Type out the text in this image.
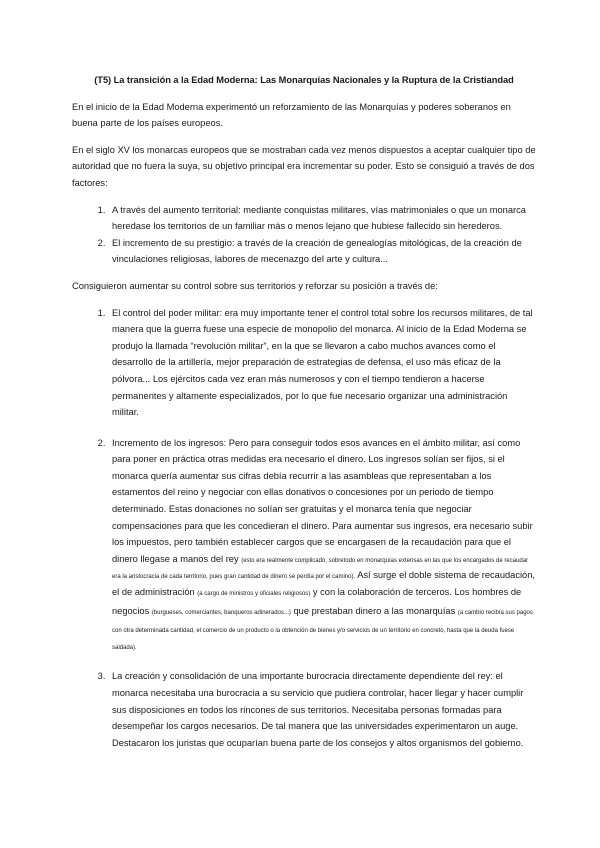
(T5) La transición a la Edad Moderna: Las Monarquías Nacionales y la Ruptura de la Cristiandad

En el inicio de la Edad Moderna experimentó un reforzamiento de las Monarquías y poderes soberanos en buena parte de los países europeos.

En el siglo XV los monarcas europeos que se mostraban cada vez menos dispuestos a aceptar cualquier tipo de autoridad que no fuera la suya, su objetivo principal era incrementar su poder. Esto se consiguió a través de dos factores:

1. A través del aumento territorial: mediante conquistas militares, vías matrimoniales o que un monarca heredase los territorios de un familiar más o menos lejano que hubiese fallecido sin herederos.
2. El incremento de su prestigio: a través de la creación de genealogías mitológicas, de la creación de vinculaciones religiosas, labores de mecenazgo del arte y cultura...

Consiguieron aumentar su control sobre sus territorios y reforzar su posición a través de:

1. El control del poder militar: era muy importante tener el control total sobre los recursos militares, de tal manera que la guerra fuese una especie de monopolio del monarca. Al inicio de la Edad Moderna se produjo la llamada “revolución militar”, en la que se llevaron a cabo muchos avances como el desarrollo de la artillería, mejor preparación de estrategias de defensa, el uso más eficaz de la pólvora... Los ejércitos cada vez eran más numerosos y con el tiempo tendieron a hacerse permanentes y altamente especializados, por lo que fue necesario organizar una administración militar.
2. Incremento de los ingresos: Pero para conseguir todos esos avances en el ámbito militar, así como para poner en práctica otras medidas era necesario el dinero. Los ingresos solían ser fijos, si el monarca quería aumentar sus cifras debía recurrir a las asambleas que representaban a los estamentos del reino y negociar con ellas donativos o concesiones por un periodo de tiempo determinado. Estas donaciones no solían ser gratuitas y el monarca tenía que negociar compensaciones para que les concedieran el dinero. Para aumentar sus ingresos, era necesario subir los impuestos, pero también establecer cargos que se encargasen de la recaudación para que el dinero llegase a manos del rey (esto era realmente complicado, sobretodo en monarquías extensas en las que los encargados de recaudar era la aristocracia de cada territorio, pues gran cantidad de dinero se perdía por el camino). Así surge el doble sistema de recaudación, el de administración (a cargo de ministros y oficiales religiosos) y con la colaboración de terceros. Los hombres de negocios (burgueses, comerciantes, banqueros adinerados...) que prestaban dinero a las monarquías (a cambio recibía sus pagos con otra determinada cantidad, el comercio de un producto o la obtención de bienes y/o servicios de un territorio en concreto, hasta que la deuda fuese saldada).
3. La creación y consolidación de una importante burocracia directamente dependiente del rey: el monarca necesitaba una burocracia a su servicio que pudiera controlar, hacer llegar y hacer cumplir sus disposiciones en todos los rincones de sus territorios. Necesitaba personas formadas para desempeñar los cargos necesarios. De tal manera que las universidades experimentaron un auge. Destacaron los juristas que ocuparían buena parte de los consejos y altos organismos del gobierno.
